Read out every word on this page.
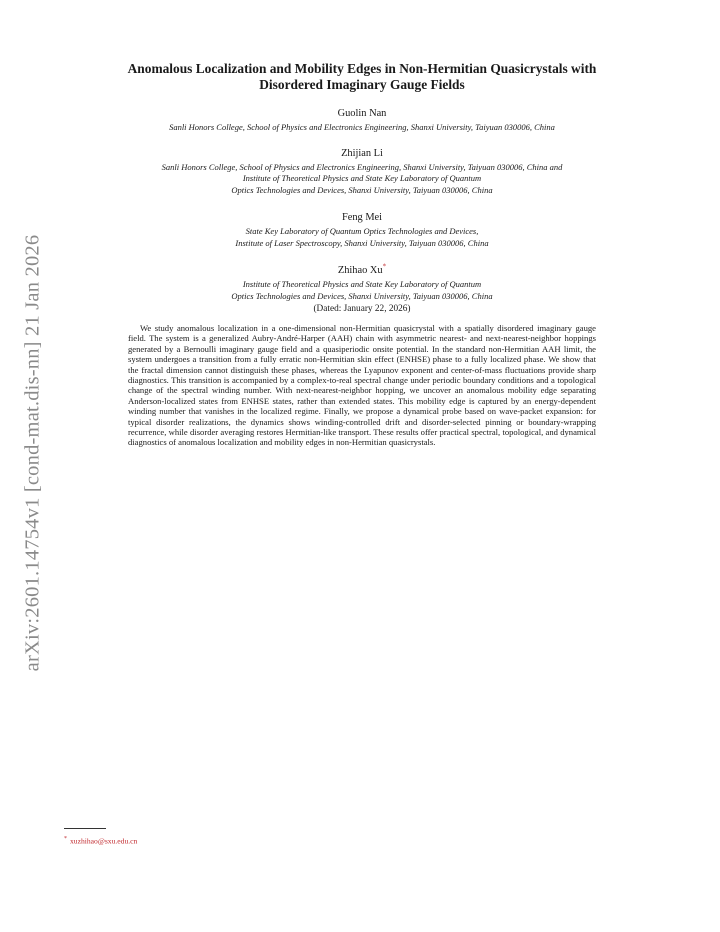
arXiv:2601.14754v1 [cond-mat.dis-nn] 21 Jan 2026
Anomalous Localization and Mobility Edges in Non-Hermitian Quasicrystals with
Disordered Imaginary Gauge Fields
Guolin Nan
Sanli Honors College, School of Physics and Electronics Engineering, Shanxi University, Taiyuan 030006, China
Zhijian Li
Sanli Honors College, School of Physics and Electronics Engineering, Shanxi University, Taiyuan 030006, China and
Institute of Theoretical Physics and State Key Laboratory of Quantum
Optics Technologies and Devices, Shanxi University, Taiyuan 030006, China
Feng Mei
State Key Laboratory of Quantum Optics Technologies and Devices,
Institute of Laser Spectroscopy, Shanxi University, Taiyuan 030006, China
Zhihao Xu*
Institute of Theoretical Physics and State Key Laboratory of Quantum
Optics Technologies and Devices, Shanxi University, Taiyuan 030006, China
(Dated: January 22, 2026)

We study anomalous localization in a one-dimensional non-Hermitian quasicrystal with a spatially disordered imaginary gauge field. The system is a generalized Aubry-André-Harper (AAH) chain with asymmetric nearest- and next-nearest-neighbor hoppings generated by a Bernoulli imaginary gauge field and a quasiperiodic onsite potential. In the standard non-Hermitian AAH limit, the system undergoes a transition from a fully erratic non-Hermitian skin effect (ENHSE) phase to a fully localized phase. We show that the fractal dimension cannot distinguish these phases, whereas the Lyapunov exponent and center-of-mass fluctuations provide sharp diagnostics. This transition is accompanied by a complex-to-real spectral change under periodic boundary conditions and a topological change of the spectral winding number. With next-nearest-neighbor hopping, we uncover an anomalous mobility edge separating Anderson-localized states from ENHSE states, rather than extended states. This mobility edge is captured by an energy-dependent winding number that vanishes in the localized regime. Finally, we propose a dynamical probe based on wave-packet expansion: for typical disorder realizations, the dynamics shows winding-controlled drift and disorder-selected pinning or boundary-wrapping recurrence, while disorder averaging restores Hermitian-like transport. These results offer practical spectral, topological, and dynamical diagnostics of anomalous localization and mobility edges in non-Hermitian quasicrystals.

* xuzhihao@sxu.edu.cn
